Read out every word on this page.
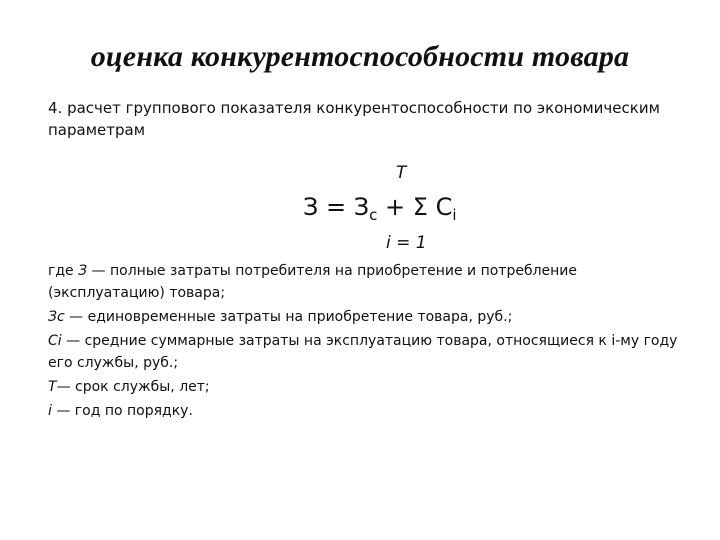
оценка конкурентоспособности товара
4. расчет группового показателя конкурентоспособности по экономическим параметрам
T
$З = З_c + \Sigma$ $C_i$
i = 1
где З — полные затраты потребителя на приобретение и потребление (эксплуатацию) товара;
Зс — единовременные затраты на приобретение товара, руб.;
Ci — средние суммарные затраты на эксплуатацию товара, относящиеся к i-му году его службы, руб.;
T— срок службы, лет;
i — год по порядку.
